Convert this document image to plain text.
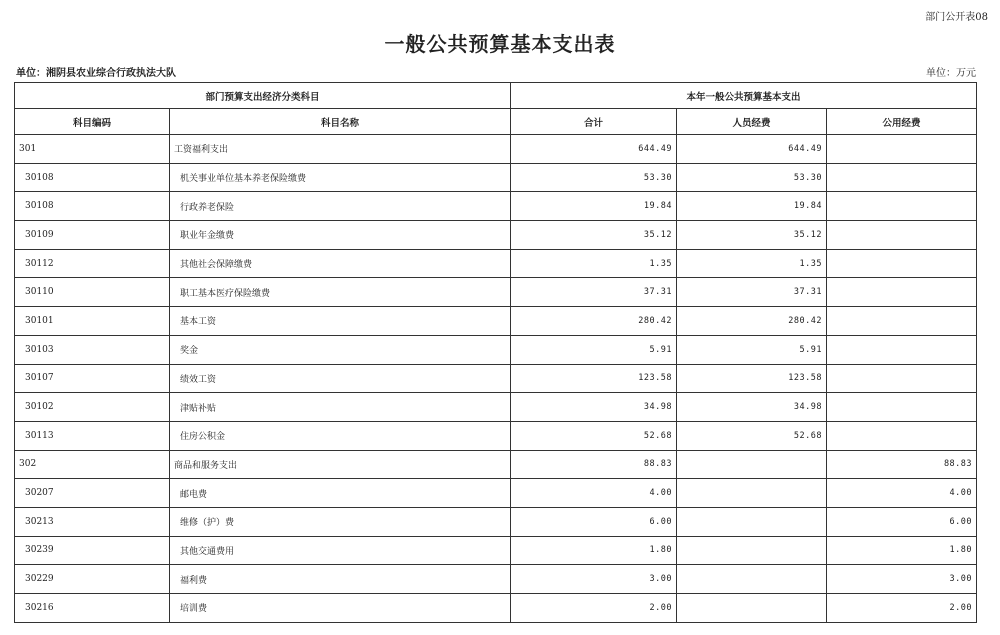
部门公开表08
一般公共预算基本支出表
单位：湘阴县农业综合行政执法大队	单位：万元
部门预算支出经济分类科目		本年一般公共预算基本支出		
科目编码	科目名称	合计	人员经费	公用经费
301	工资福利支出	644.49	644.49	
30108	机关事业单位基本养老保险缴费	53.30	53.30	
30108	行政养老保险	19.84	19.84	
30109	职业年金缴费	35.12	35.12	
30112	其他社会保障缴费	1.35	1.35	
30110	职工基本医疗保险缴费	37.31	37.31	
30101	基本工资	280.42	280.42	
30103	奖金	5.91	5.91	
30107	绩效工资	123.58	123.58	
30102	津贴补贴	34.98	34.98	
30113	住房公积金	52.68	52.68	
302	商品和服务支出	88.83		88.83
30207	邮电费	4.00		4.00
30213	维修（护）费	6.00		6.00
30239	其他交通费用	1.80		1.80
30229	福利费	3.00		3.00
30216	培训费	2.00		2.00
